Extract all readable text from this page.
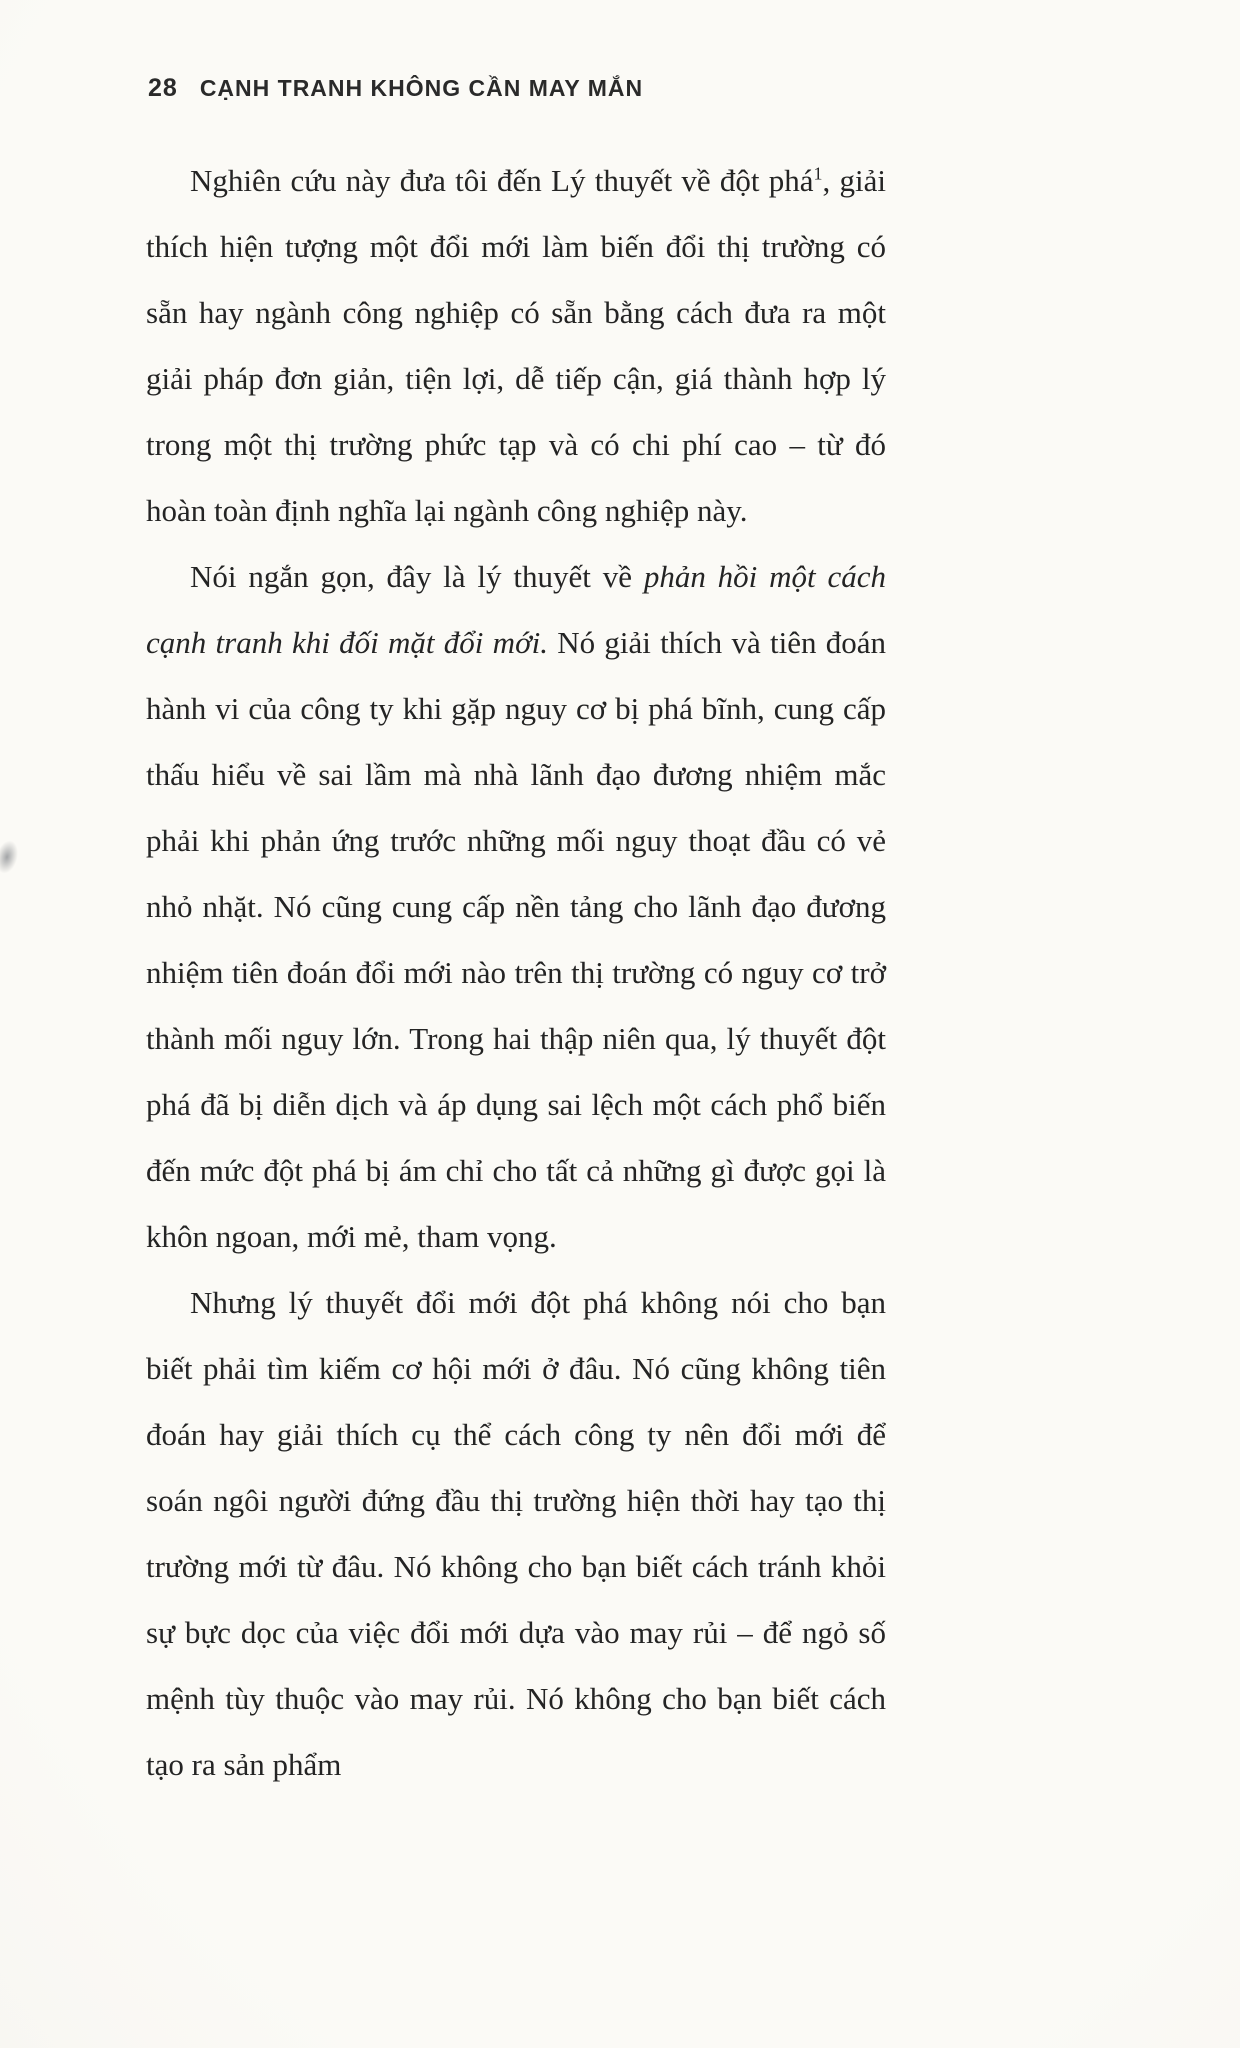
28 CẠNH TRANH KHÔNG CẦN MAY MẮN

Nghiên cứu này đưa tôi đến Lý thuyết về đột phá$^1$, giải thích hiện tượng một đổi mới làm biến đổi thị trường có sẵn hay ngành công nghiệp có sẵn bằng cách đưa ra một giải pháp đơn giản, tiện lợi, dễ tiếp cận, giá thành hợp lý trong một thị trường phức tạp và có chi phí cao – từ đó hoàn toàn định nghĩa lại ngành công nghiệp này.

Nói ngắn gọn, đây là lý thuyết về phản hồi một cách cạnh tranh khi đối mặt đổi mới. Nó giải thích và tiên đoán hành vi của công ty khi gặp nguy cơ bị phá bĩnh, cung cấp thấu hiểu về sai lầm mà nhà lãnh đạo đương nhiệm mắc phải khi phản ứng trước những mối nguy thoạt đầu có vẻ nhỏ nhặt. Nó cũng cung cấp nền tảng cho lãnh đạo đương nhiệm tiên đoán đổi mới nào trên thị trường có nguy cơ trở thành mối nguy lớn. Trong hai thập niên qua, lý thuyết đột phá đã bị diễn dịch và áp dụng sai lệch một cách phổ biến đến mức đột phá bị ám chỉ cho tất cả những gì được gọi là khôn ngoan, mới mẻ, tham vọng.

Nhưng lý thuyết đổi mới đột phá không nói cho bạn biết phải tìm kiếm cơ hội mới ở đâu. Nó cũng không tiên đoán hay giải thích cụ thể cách công ty nên đổi mới để soán ngôi người đứng đầu thị trường hiện thời hay tạo thị trường mới từ đâu. Nó không cho bạn biết cách tránh khỏi sự bực dọc của việc đổi mới dựa vào may rủi – để ngỏ số mệnh tùy thuộc vào may rủi. Nó không cho bạn biết cách tạo ra sản phẩm
